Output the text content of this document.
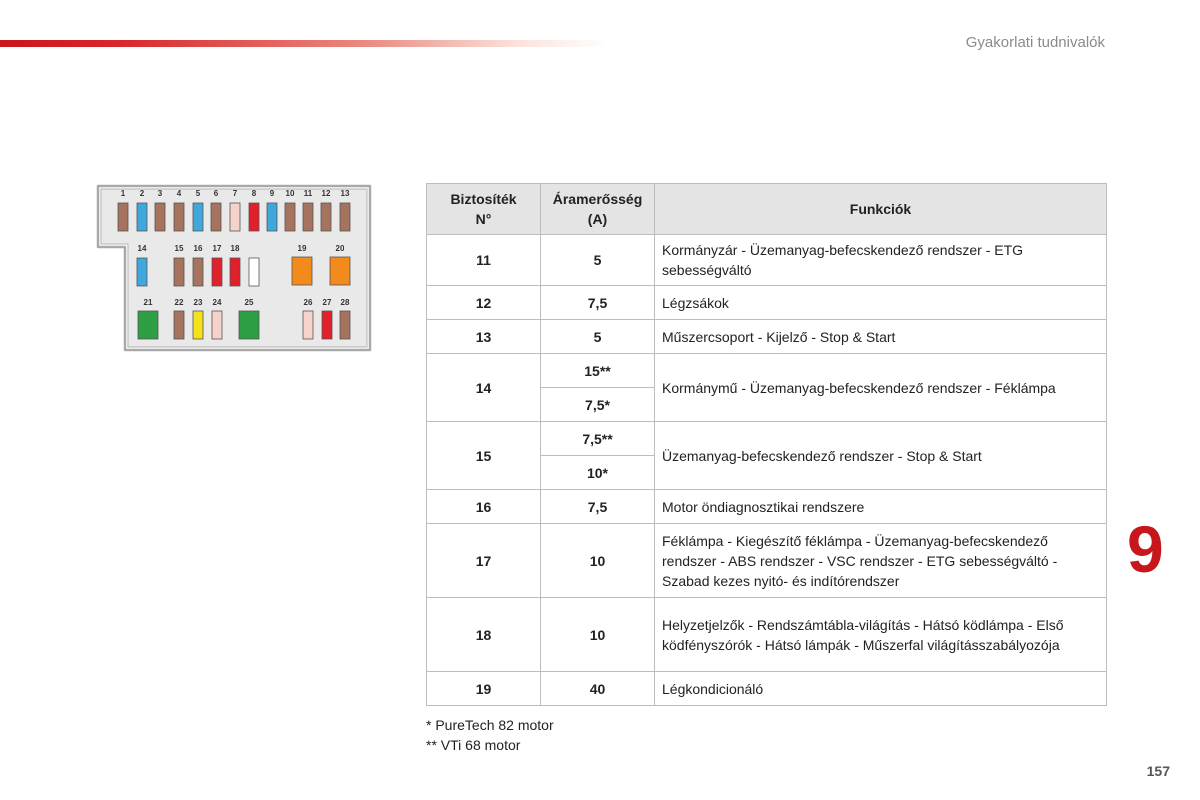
Gyakorlati tudnivalók
1 2 3 4 5 6 7 8 9 10 11 12 13
14	15 16 17 18	19	20
21	22 23 24	25	26 27 28
Biztosíték N°	Áramerősség (A)	Funkciók
11	5	Kormányzár - Üzemanyag-befecskendező rendszer - ETG sebességváltó
12	7,5	Légzsákok
13	5	Műszercsoport - Kijelző - Stop & Start
14	15**	Kormánymű - Üzemanyag-befecskendező rendszer - Féklámpa
	7,5*	
15	7,5**	Üzemanyag-befecskendező rendszer - Stop & Start
	10*	
16	7,5	Motor öndiagnosztikai rendszere
17	10	Féklámpa - Kiegészítő féklámpa - Üzemanyag-befecskendező rendszer - ABS rendszer - VSC rendszer - ETG sebességváltó - Szabad kezes nyitó- és indítórendszer
18	10	Helyzetjelzők - Rendszámtábla-világítás - Hátsó ködlámpa - Első ködfényszórók - Hátsó lámpák - Műszerfal világításszabályozója
19	40	Légkondicionáló
* PureTech 82 motor
** VTi 68 motor
9
157
